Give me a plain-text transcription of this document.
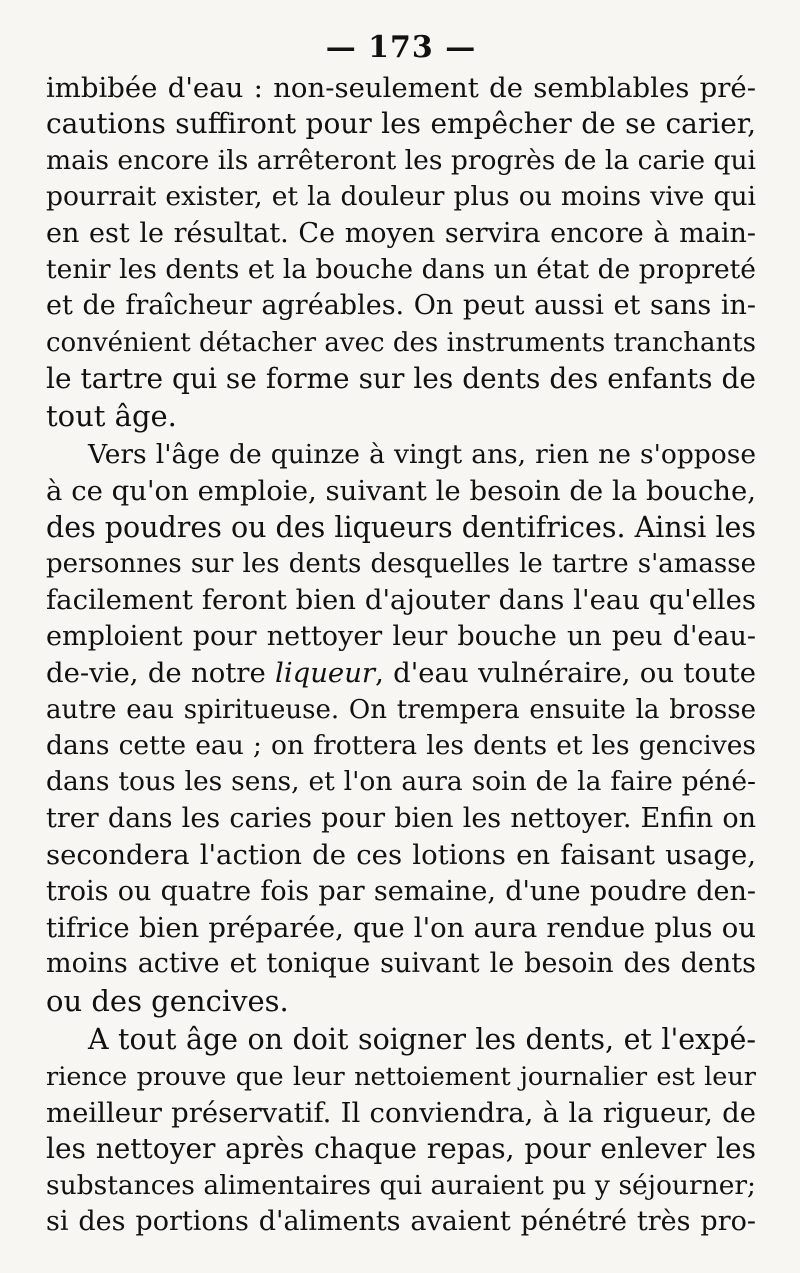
— 173 —
imbibée d'eau : non-seulement de semblables pré-
cautions suffiront pour les empêcher de se carier,
mais encore ils arrêteront les progrès de la carie qui
pourrait exister, et la douleur plus ou moins vive qui
en est le résultat. Ce moyen servira encore à main-
tenir les dents et la bouche dans un état de propreté
et de fraîcheur agréables. On peut aussi et sans in-
convénient détacher avec des instruments tranchants
le tartre qui se forme sur les dents des enfants de
tout âge.
Vers l'âge de quinze à vingt ans, rien ne s'oppose
à ce qu'on emploie, suivant le besoin de la bouche,
des poudres ou des liqueurs dentifrices. Ainsi les
personnes sur les dents desquelles le tartre s'amasse
facilement feront bien d'ajouter dans l'eau qu'elles
emploient pour nettoyer leur bouche un peu d'eau-
de-vie, de notre liqueur, d'eau vulnéraire, ou toute
autre eau spiritueuse. On trempera ensuite la brosse
dans cette eau ; on frottera les dents et les gencives
dans tous les sens, et l'on aura soin de la faire péné-
trer dans les caries pour bien les nettoyer. Enfin on
secondera l'action de ces lotions en faisant usage,
trois ou quatre fois par semaine, d'une poudre den-
tifrice bien préparée, que l'on aura rendue plus ou
moins active et tonique suivant le besoin des dents
ou des gencives.
A tout âge on doit soigner les dents, et l'expé-
rience prouve que leur nettoiement journalier est leur
meilleur préservatif. Il conviendra, à la rigueur, de
les nettoyer après chaque repas, pour enlever les
substances alimentaires qui auraient pu y séjourner;
si des portions d'aliments avaient pénétré très pro-
